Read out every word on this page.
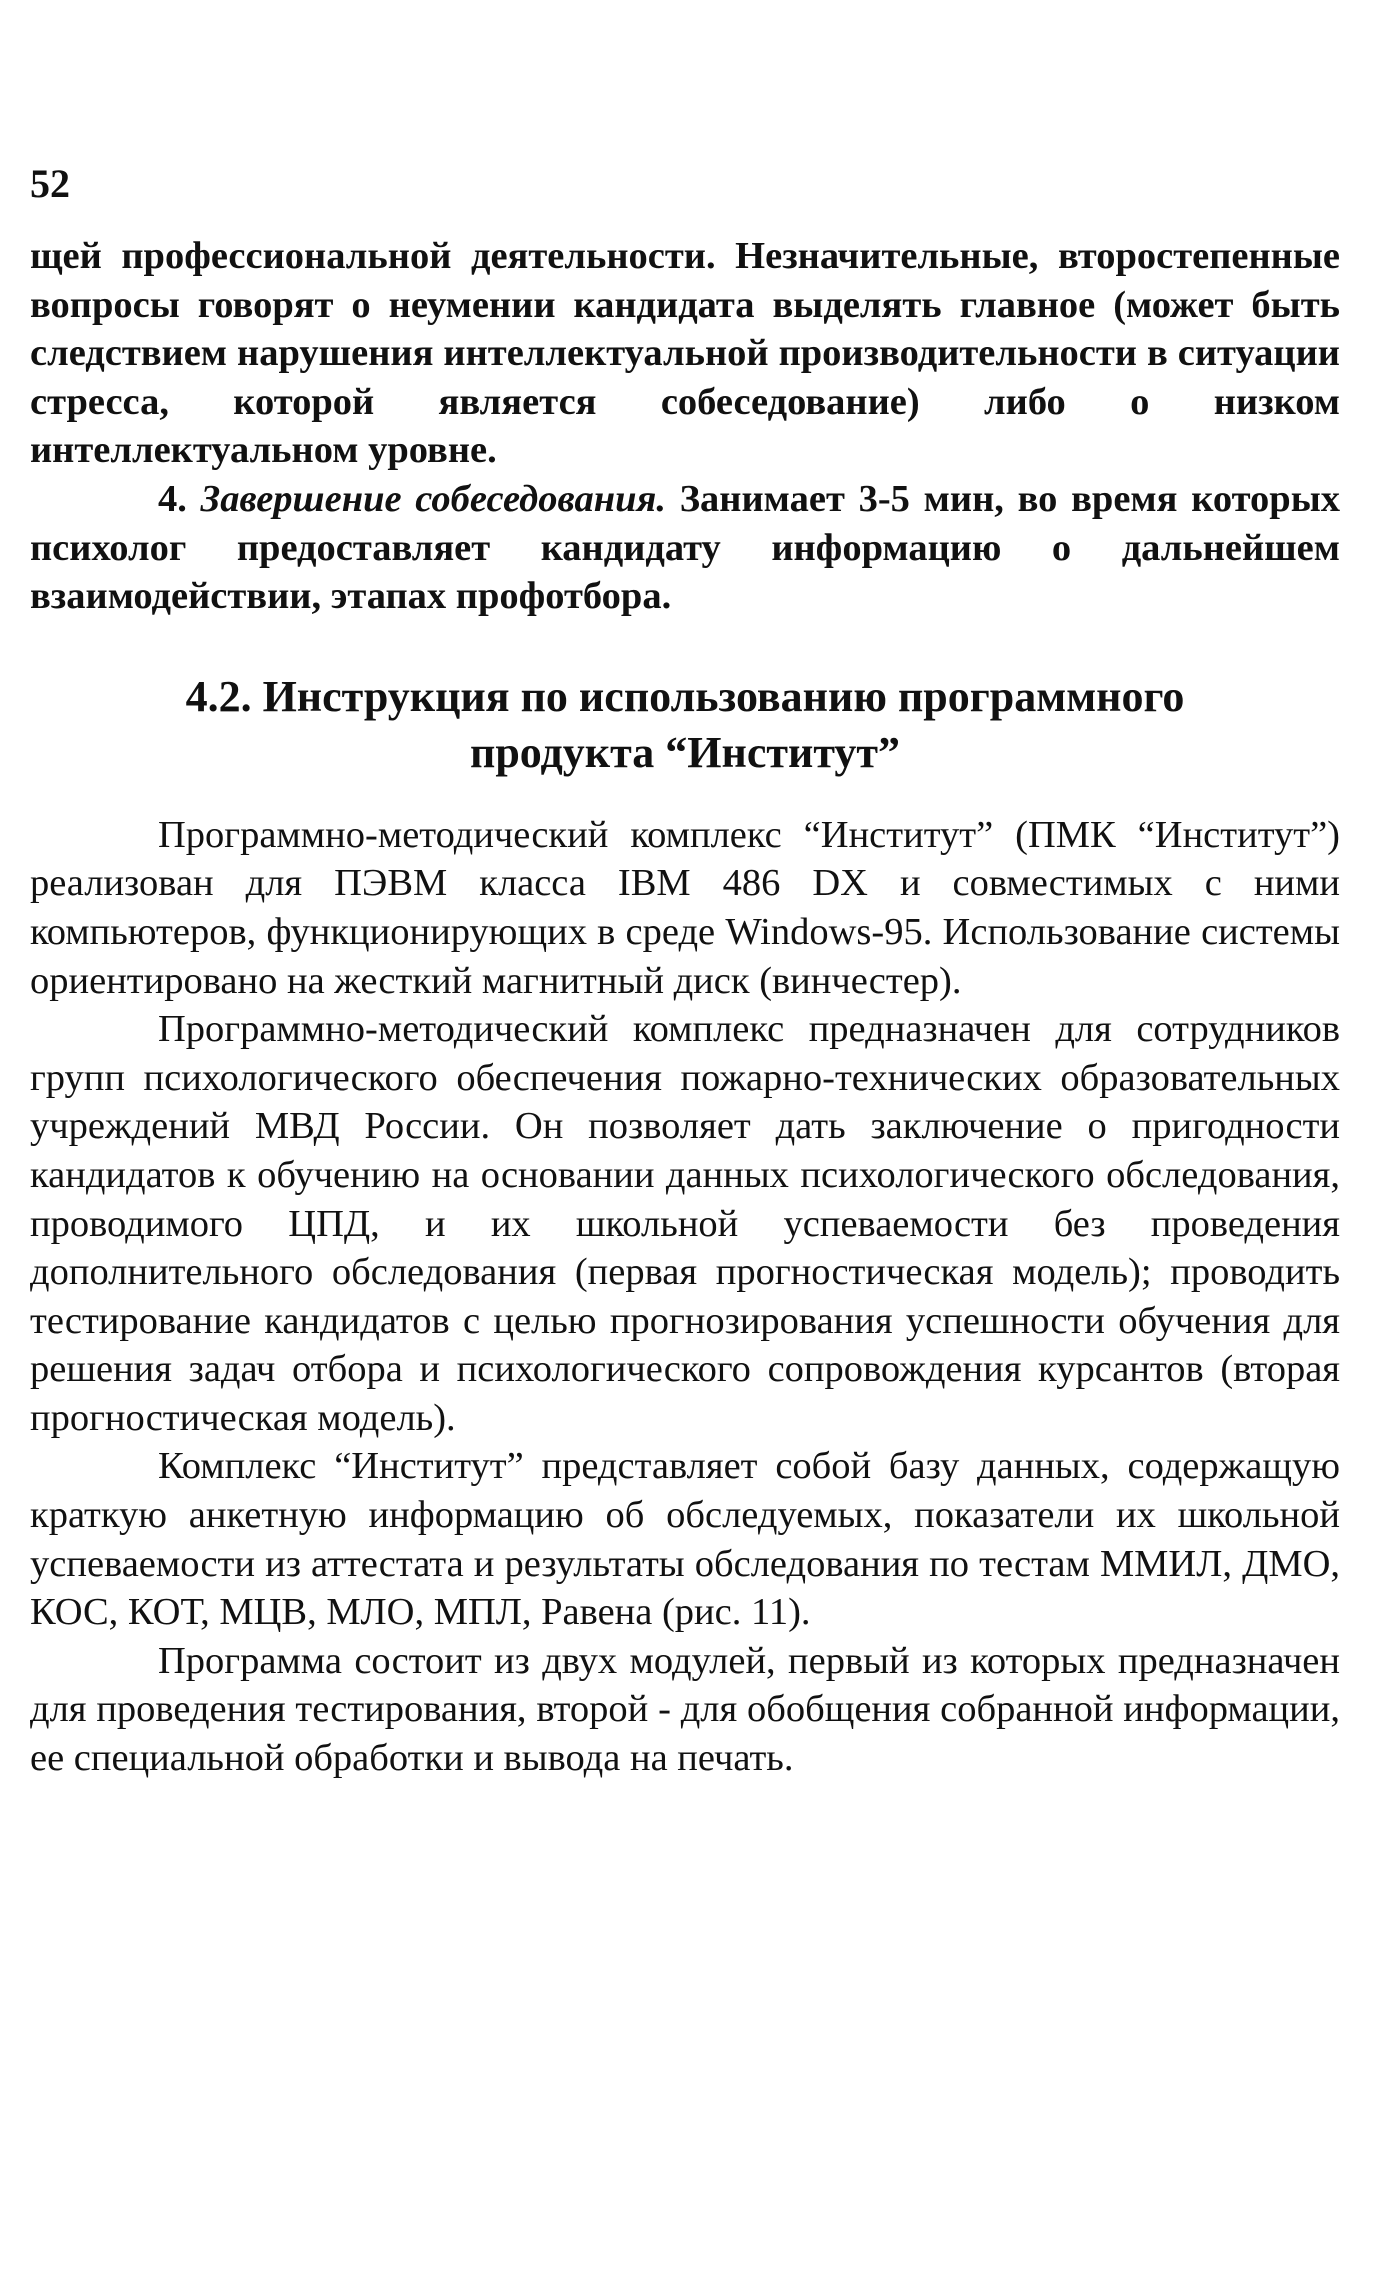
52

щей профессиональной деятельности. Незначительные, второстепенные вопросы говорят о неумении кандидата выделять главное (может быть следствием нарушения интеллектуальной производительности в ситуации стресса, которой является собеседование) либо о низком интеллектуальном уровне.

4. Завершение собеседования. Занимает 3-5 мин, во время которых психолог предоставляет кандидату информацию о дальнейшем взаимодействии, этапах профотбора.

4.2. Инструкция по использованию программного
продукта “Институт”

Программно-методический комплекс “Институт” (ПМК “Институт”) реализован для ПЭВМ класса IBM 486 DX и совместимых с ними компьютеров, функционирующих в среде Windows-95. Использование системы ориентировано на жесткий магнитный диск (винчестер).

Программно-методический комплекс предназначен для сотрудников групп психологического обеспечения пожарно-технических образовательных учреждений МВД России. Он позволяет дать заключение о пригодности кандидатов к обучению на основании данных психологического обследования, проводимого ЦПД, и их школьной успеваемости без проведения дополнительного обследования (первая прогностическая модель); проводить тестирование кандидатов с целью прогнозирования успешности обучения для решения задач отбора и психологического сопровождения курсантов (вторая прогностическая модель).

Комплекс “Институт” представляет собой базу данных, содержащую краткую анкетную информацию об обследуемых, показатели их школьной успеваемости из аттестата и результаты обследования по тестам ММИЛ, ДМО, КОС, КОТ, МЦВ, МЛО, МПЛ, Равена (рис. 11).

Программа состоит из двух модулей, первый из которых предназначен для проведения тестирования, второй - для обобщения собранной информации, ее специальной обработки и вывода на печать.
